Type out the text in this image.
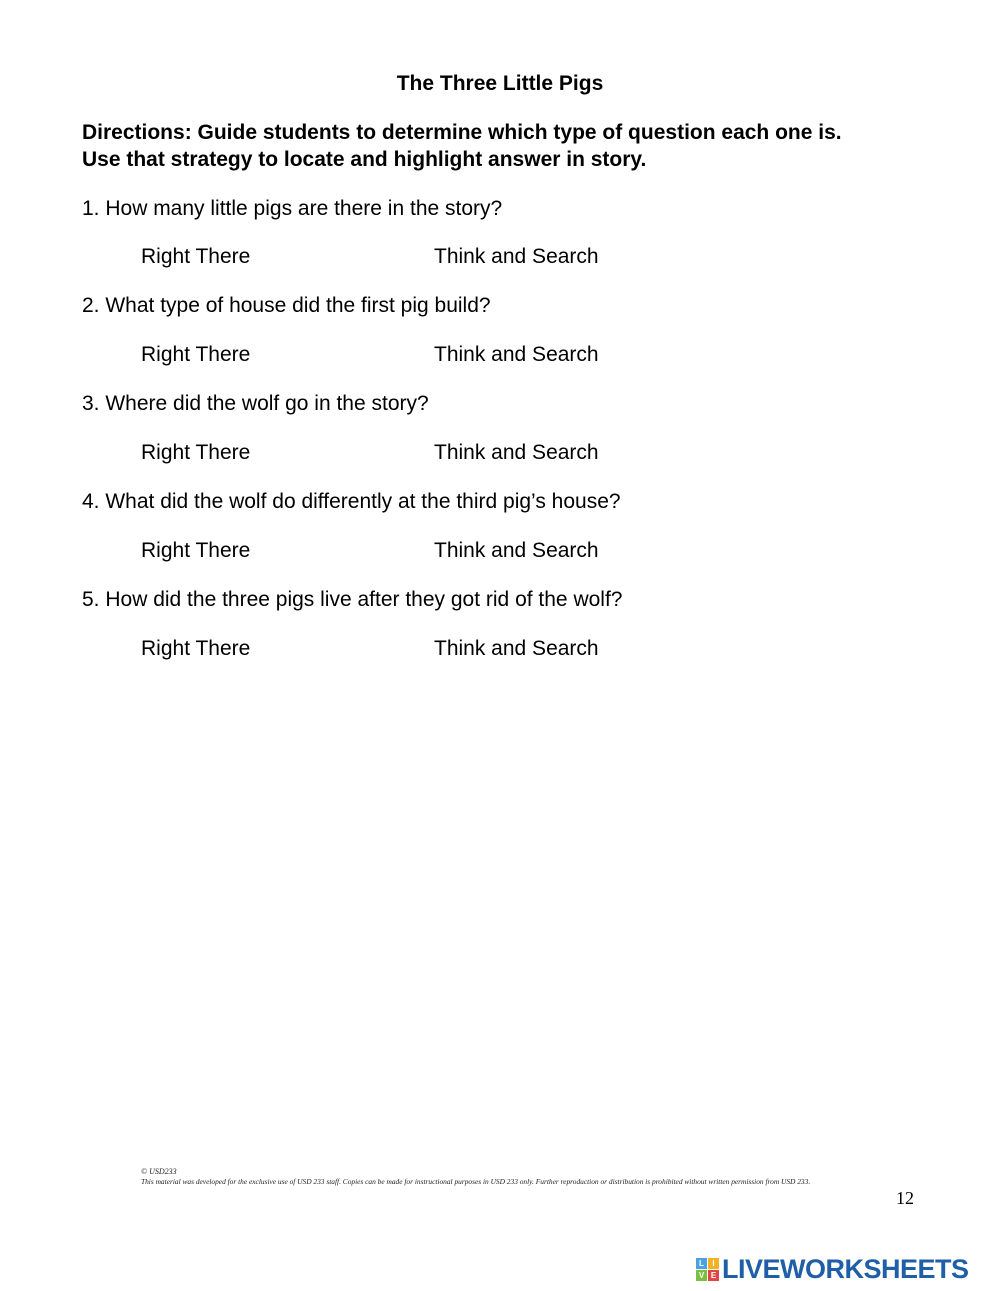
The Three Little Pigs
Directions: Guide students to determine which type of question each one is.
Use that strategy to locate and highlight answer in story.
1. How many little pigs are there in the story?
Right There	Think and Search
2. What type of house did the first pig build?
Right There	Think and Search
3. Where did the wolf go in the story?
Right There	Think and Search
4. What did the wolf do differently at the third pig’s house?
Right There	Think and Search
5. How did the three pigs live after they got rid of the wolf?
Right There	Think and Search
© USD233
This material was developed for the exclusive use of USD 233 staff. Copies can be made for instructional purposes in USD 233 only. Further reproduction or distribution is prohibited without written permission from USD 233.
12
L	I
V E LIVEWORKSHEETS
